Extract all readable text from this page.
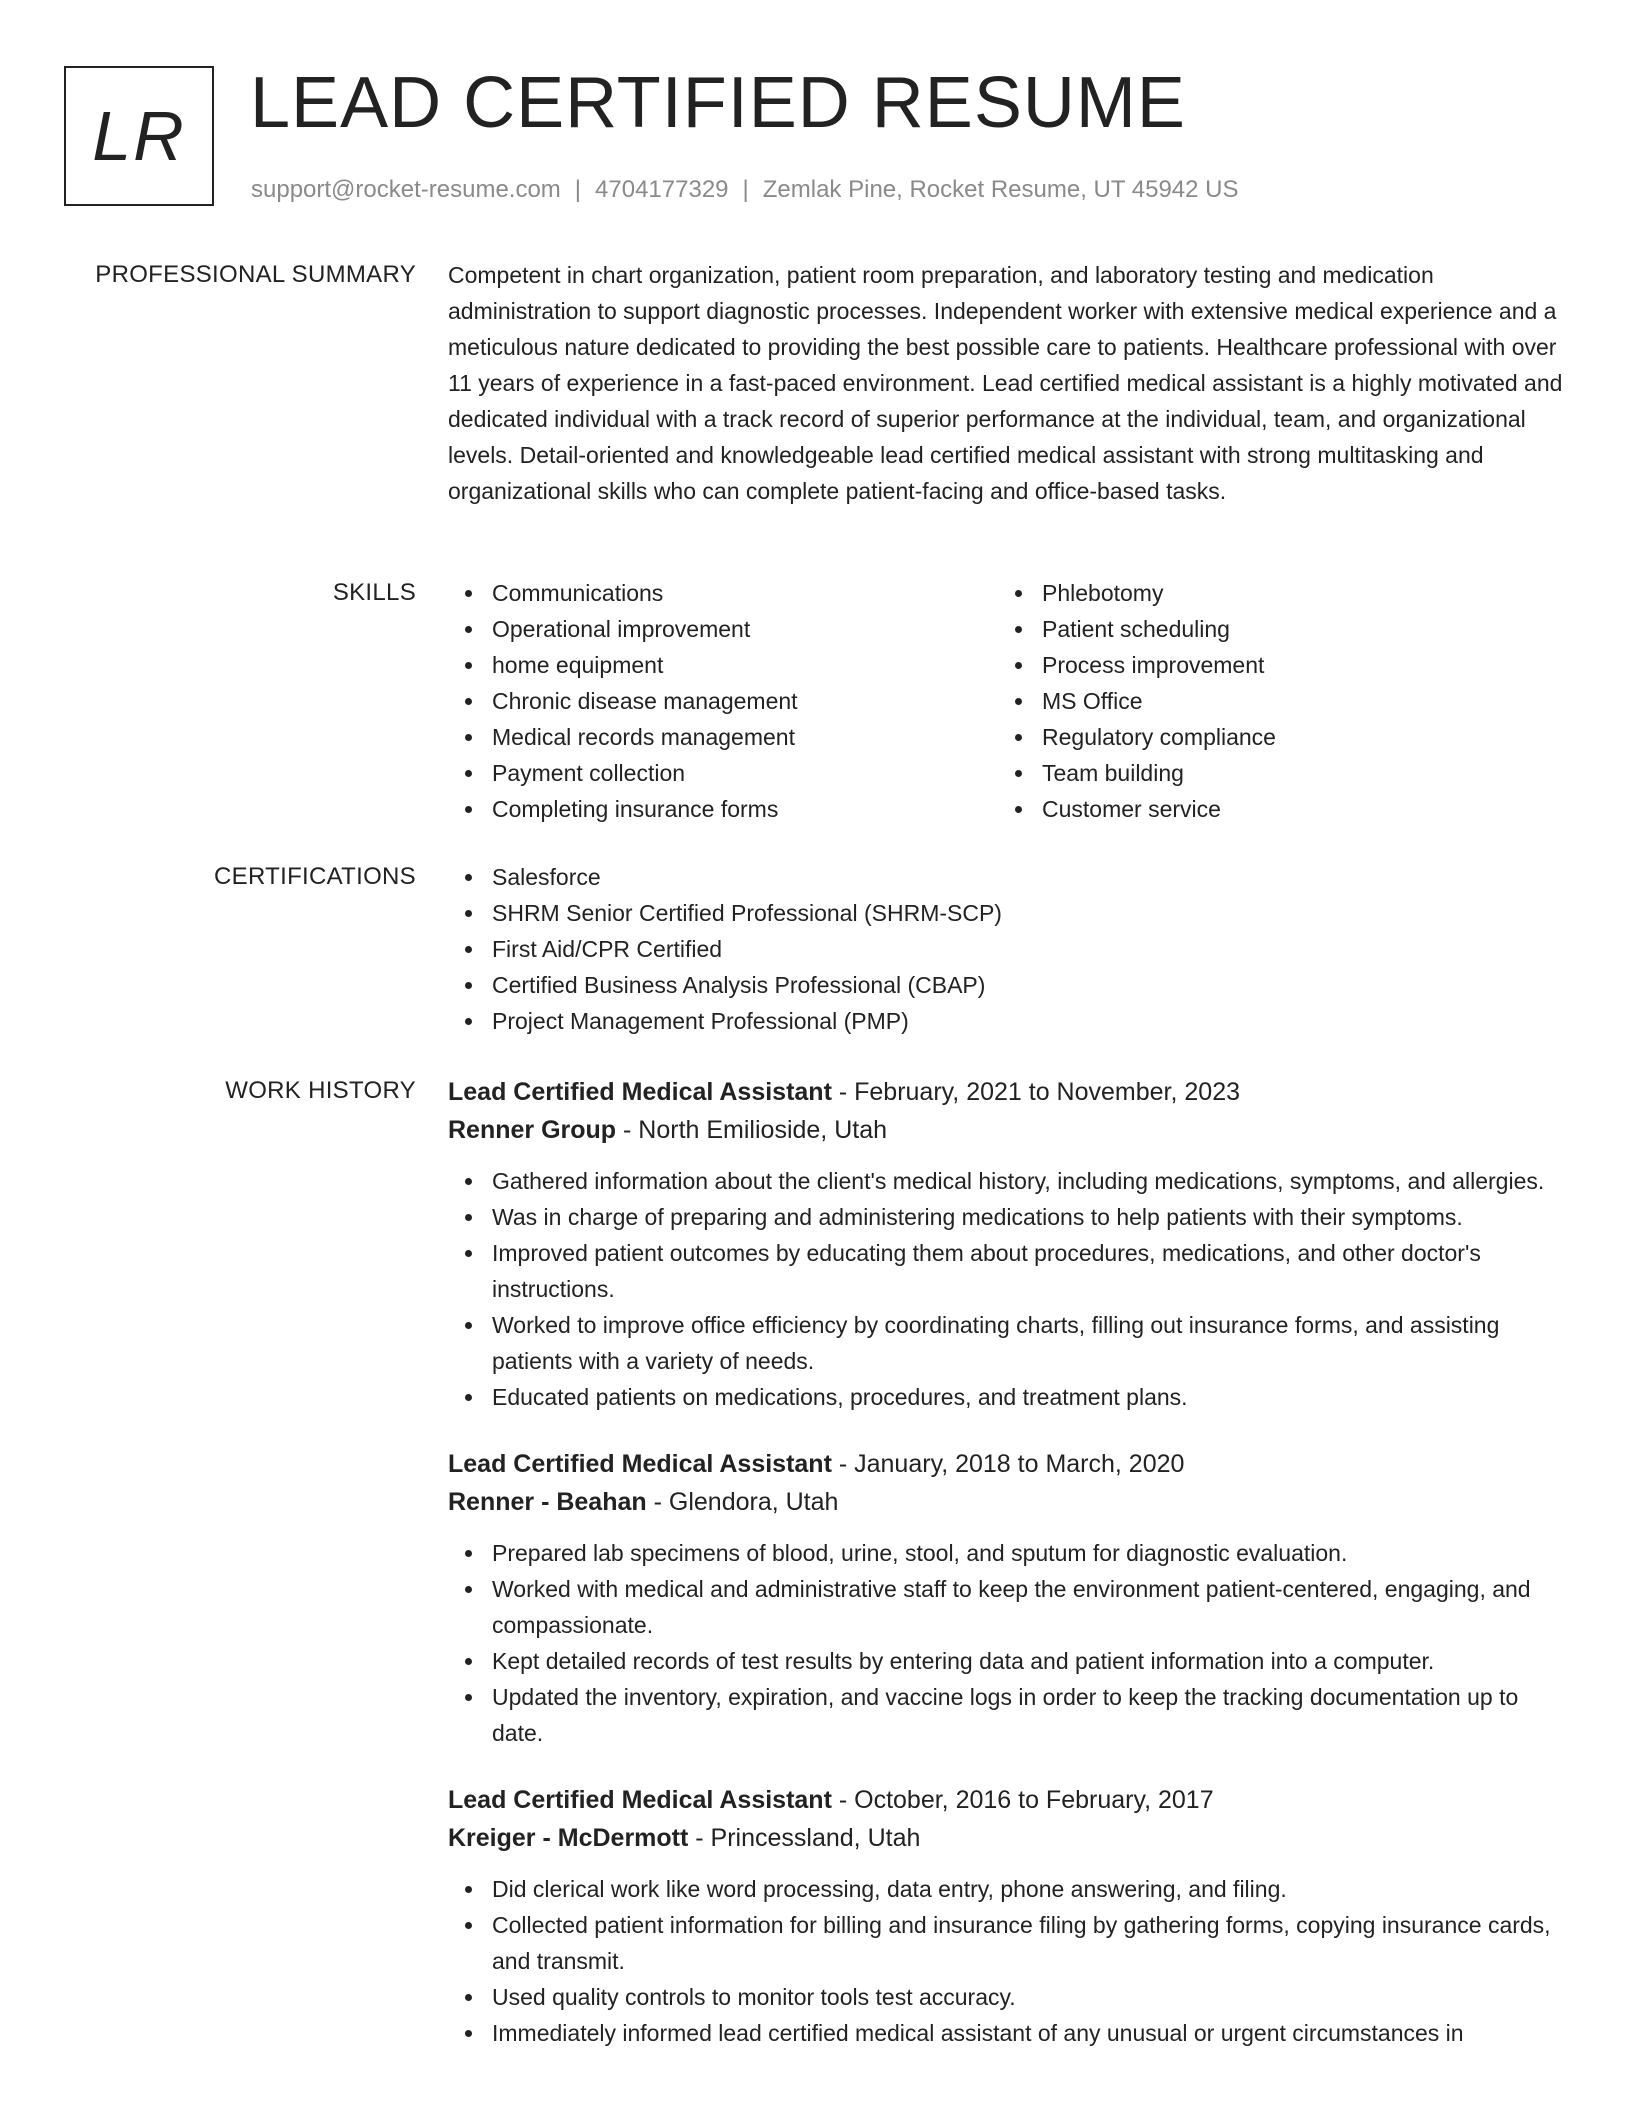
LR LEAD CERTIFIED RESUME
support@rocket-resume.com | 4704177329 | Zemlak Pine, Rocket Resume, UT 45942 US
PROFESSIONAL SUMMARY Competent in chart organization, patient room preparation, and laboratory testing and medication administration to support diagnostic processes. Independent worker with extensive medical experience and a meticulous nature dedicated to providing the best possible care to patients. Healthcare professional with over 11 years of experience in a fast-paced environment. Lead certified medical assistant is a highly motivated and dedicated individual with a track record of superior performance at the individual, team, and organizational levels. Detail-oriented and knowledgeable lead certified medical assistant with strong multitasking and organizational skills who can complete patient-facing and office-based tasks.

SKILLS	Communications
Operational improvement
home equipment
Chronic disease management
Medical records management
Payment collection
Completing insurance forms
Phlebotomy
Patient scheduling
Process improvement
MS Office
Regulatory compliance
Team building
Customer service
CERTIFICATIONS	Salesforce
SHRM Senior Certified Professional (SHRM-SCP)
First Aid/CPR Certified
Certified Business Analysis Professional (CBAP)
Project Management Professional (PMP)
WORK HISTORY Lead Certified Medical Assistant - February, 2021 to November, 2023
Renner Group - North Emilioside, Utah
Gathered information about the client's medical history, including medications, symptoms, and allergies.
Was in charge of preparing and administering medications to help patients with their symptoms.
Improved patient outcomes by educating them about procedures, medications, and other doctor's instructions.
Worked to improve office efficiency by coordinating charts, filling out insurance forms, and assisting patients with a variety of needs.
Educated patients on medications, procedures, and treatment plans.
Lead Certified Medical Assistant - January, 2018 to March, 2020
Renner - Beahan - Glendora, Utah
Prepared lab specimens of blood, urine, stool, and sputum for diagnostic evaluation.
Worked with medical and administrative staff to keep the environment patient-centered, engaging, and compassionate.
Kept detailed records of test results by entering data and patient information into a computer.
Updated the inventory, expiration, and vaccine logs in order to keep the tracking documentation up to date.
Lead Certified Medical Assistant - October, 2016 to February, 2017
Kreiger - McDermott - Princessland, Utah
Did clerical work like word processing, data entry, phone answering, and filing.
Collected patient information for billing and insurance filing by gathering forms, copying insurance cards, and transmit.
Used quality controls to monitor tools test accuracy.
Immediately informed lead certified medical assistant of any unusual or urgent circumstances in
